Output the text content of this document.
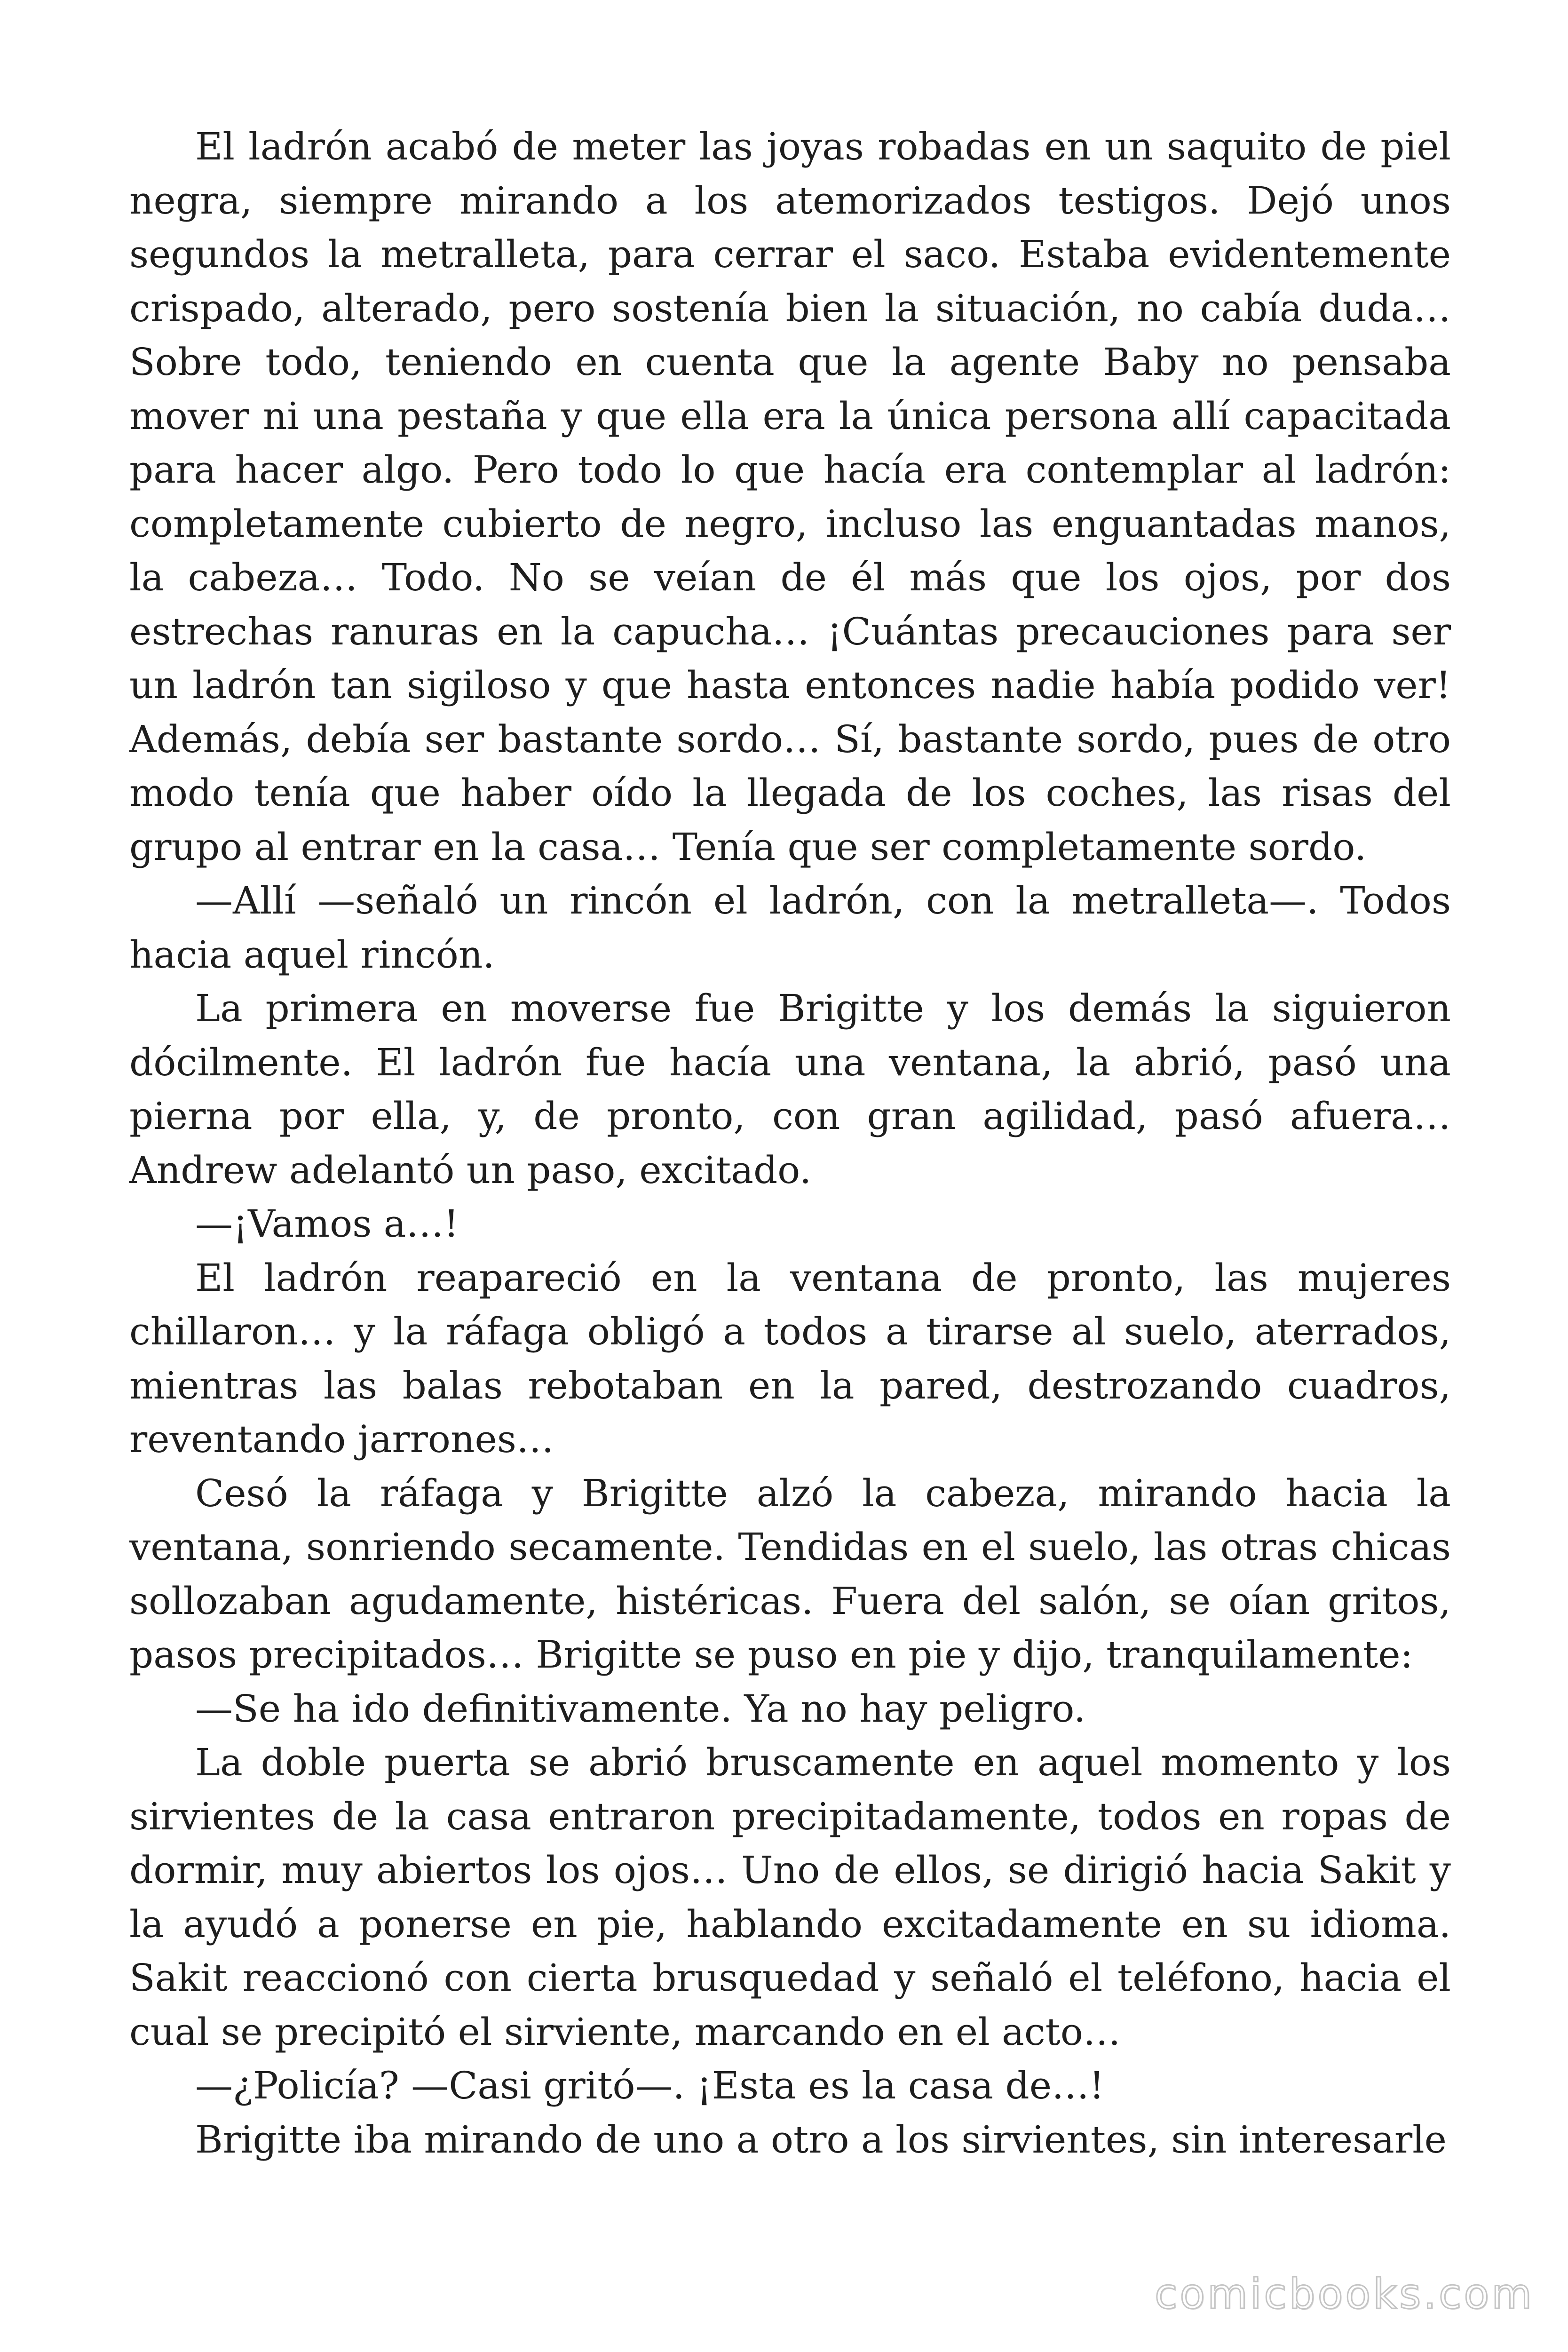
El ladrón acabó de meter las joyas robadas en un saquito de piel negra, siempre mirando a los atemorizados testigos. Dejó unos segundos la metralleta, para cerrar el saco. Estaba evidentemente crispado, alterado, pero sostenía bien la situación, no cabía duda… Sobre todo, teniendo en cuenta que la agente Baby no pensaba mover ni una pestaña y que ella era la única persona allí capacitada para hacer algo. Pero todo lo que hacía era contemplar al ladrón: completamente cubierto de negro, incluso las enguantadas manos, la cabeza… Todo. No se veían de él más que los ojos, por dos estrechas ranuras en la capucha… ¡Cuántas precauciones para ser un ladrón tan sigiloso y que hasta entonces nadie había podido ver! Además, debía ser bastante sordo… Sí, bastante sordo, pues de otro modo tenía que haber oído la llegada de los coches, las risas del grupo al entrar en la casa… Tenía que ser completamente sordo.

—Allí —señaló un rincón el ladrón, con la metralleta—. Todos hacia aquel rincón.

La primera en moverse fue Brigitte y los demás la siguieron dócilmente. El ladrón fue hacía una ventana, la abrió, pasó una pierna por ella, y, de pronto, con gran agilidad, pasó afuera… Andrew adelantó un paso, excitado.

—¡Vamos a…!

El ladrón reapareció en la ventana de pronto, las mujeres chillaron… y la ráfaga obligó a todos a tirarse al suelo, aterrados, mientras las balas rebotaban en la pared, destrozando cuadros, reventando jarrones…

Cesó la ráfaga y Brigitte alzó la cabeza, mirando hacia la ventana, sonriendo secamente. Tendidas en el suelo, las otras chicas sollozaban agudamente, histéricas. Fuera del salón, se oían gritos, pasos precipitados… Brigitte se puso en pie y dijo, tranquilamente:

—Se ha ido definitivamente. Ya no hay peligro.

La doble puerta se abrió bruscamente en aquel momento y los sirvientes de la casa entraron precipitadamente, todos en ropas de dormir, muy abiertos los ojos… Uno de ellos, se dirigió hacia Sakit y la ayudó a ponerse en pie, hablando excitadamente en su idioma. Sakit reaccionó con cierta brusquedad y señaló el teléfono, hacia el cual se precipitó el sirviente, marcando en el acto…

—¿Policía? —Casi gritó—. ¡Esta es la casa de…!

Brigitte iba mirando de uno a otro a los sirvientes, sin interesarle

comicbooks.com
